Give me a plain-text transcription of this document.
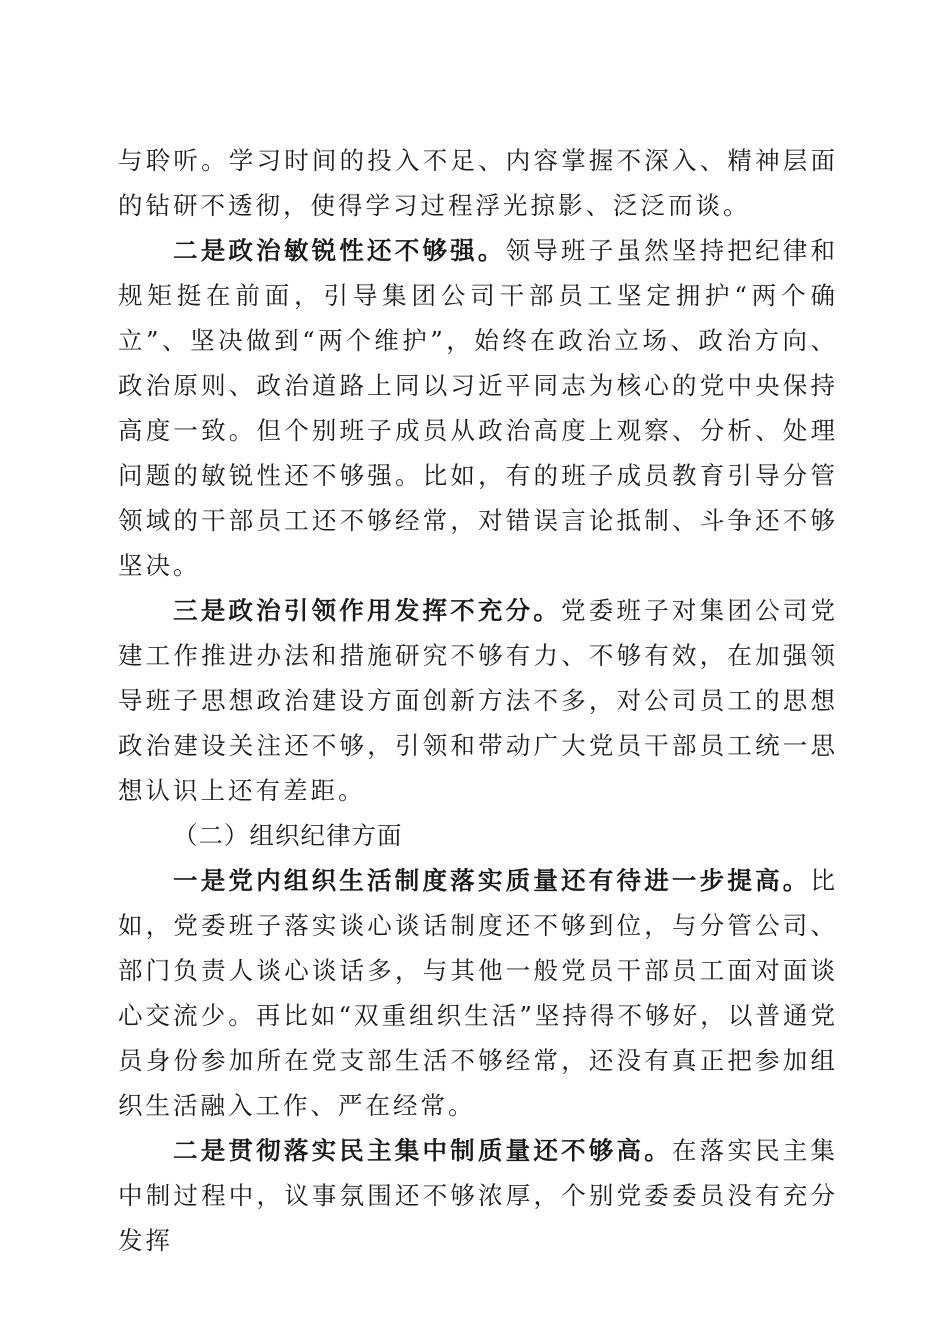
与聆听。学习时间的投入不足、内容掌握不深入、精神层面的钻研不透彻，使得学习过程浮光掠影、泛泛而谈。

二是政治敏锐性还不够强。领导班子虽然坚持把纪律和规矩挺在前面，引导集团公司干部员工坚定拥护“两个确立”、坚决做到“两个维护”，始终在政治立场、政治方向、政治原则、政治道路上同以习近平同志为核心的党中央保持高度一致。但个别班子成员从政治高度上观察、分析、处理问题的敏锐性还不够强。比如，有的班子成员教育引导分管领域的干部员工还不够经常，对错误言论抵制、斗争还不够坚决。

三是政治引领作用发挥不充分。党委班子对集团公司党建工作推进办法和措施研究不够有力、不够有效，在加强领导班子思想政治建设方面创新方法不多，对公司员工的思想政治建设关注还不够，引领和带动广大党员干部员工统一思想认识上还有差距。

（二）组织纪律方面

一是党内组织生活制度落实质量还有待进一步提高。比如，党委班子落实谈心谈话制度还不够到位，与分管公司、部门负责人谈心谈话多，与其他一般党员干部员工面对面谈心交流少。再比如“双重组织生活”坚持得不够好，以普通党员身份参加所在党支部生活不够经常，还没有真正把参加组织生活融入工作、严在经常。

二是贯彻落实民主集中制质量还不够高。在落实民主集中制过程中，议事氛围还不够浓厚，个别党委委员没有充分发挥
